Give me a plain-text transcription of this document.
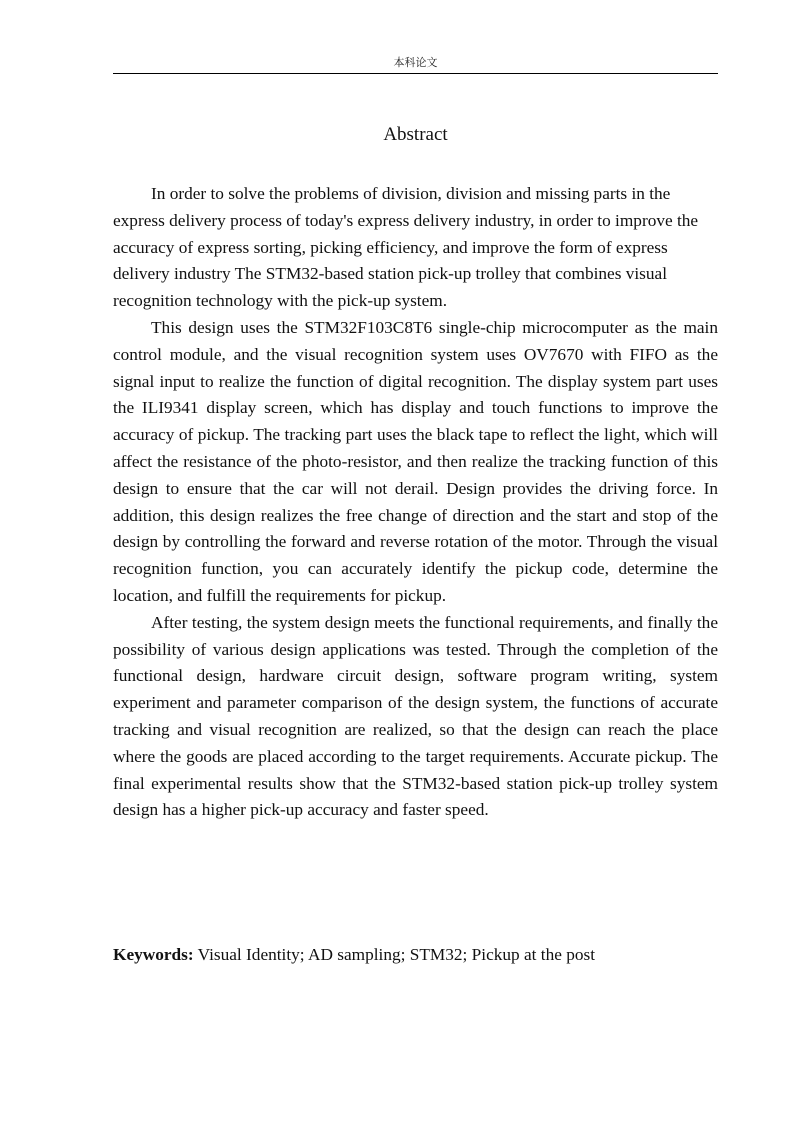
本科论文
Abstract

In order to solve the problems of division, division and missing parts in the express delivery process of today's express delivery industry, in order to improve the accuracy of express sorting, picking efficiency, and improve the form of express delivery industry The STM32-based station pick-up trolley that combines visual recognition technology with the pick-up system.

This design uses the STM32F103C8T6 single-chip microcomputer as the main control module, and the visual recognition system uses OV7670 with FIFO as the signal input to realize the function of digital recognition. The display system part uses the ILI9341 display screen, which has display and touch functions to improve the accuracy of pickup. The tracking part uses the black tape to reflect the light, which will affect the resistance of the photo-resistor, and then realize the tracking function of this design to ensure that the car will not derail. Design provides the driving force. In addition, this design realizes the free change of direction and the start and stop of the design by controlling the forward and reverse rotation of the motor. Through the visual recognition function, you can accurately identify the pickup code, determine the location, and fulfill the requirements for pickup.

After testing, the system design meets the functional requirements, and finally the possibility of various design applications was tested. Through the completion of the functional design, hardware circuit design, software program writing, system experiment and parameter comparison of the design system, the functions of accurate tracking and visual recognition are realized, so that the design can reach the place where the goods are placed according to the target requirements. Accurate pickup. The final experimental results show that the STM32-based station pick-up trolley system design has a higher pick-up accuracy and faster speed.

Keywords: Visual Identity; AD sampling; STM32; Pickup at the post
